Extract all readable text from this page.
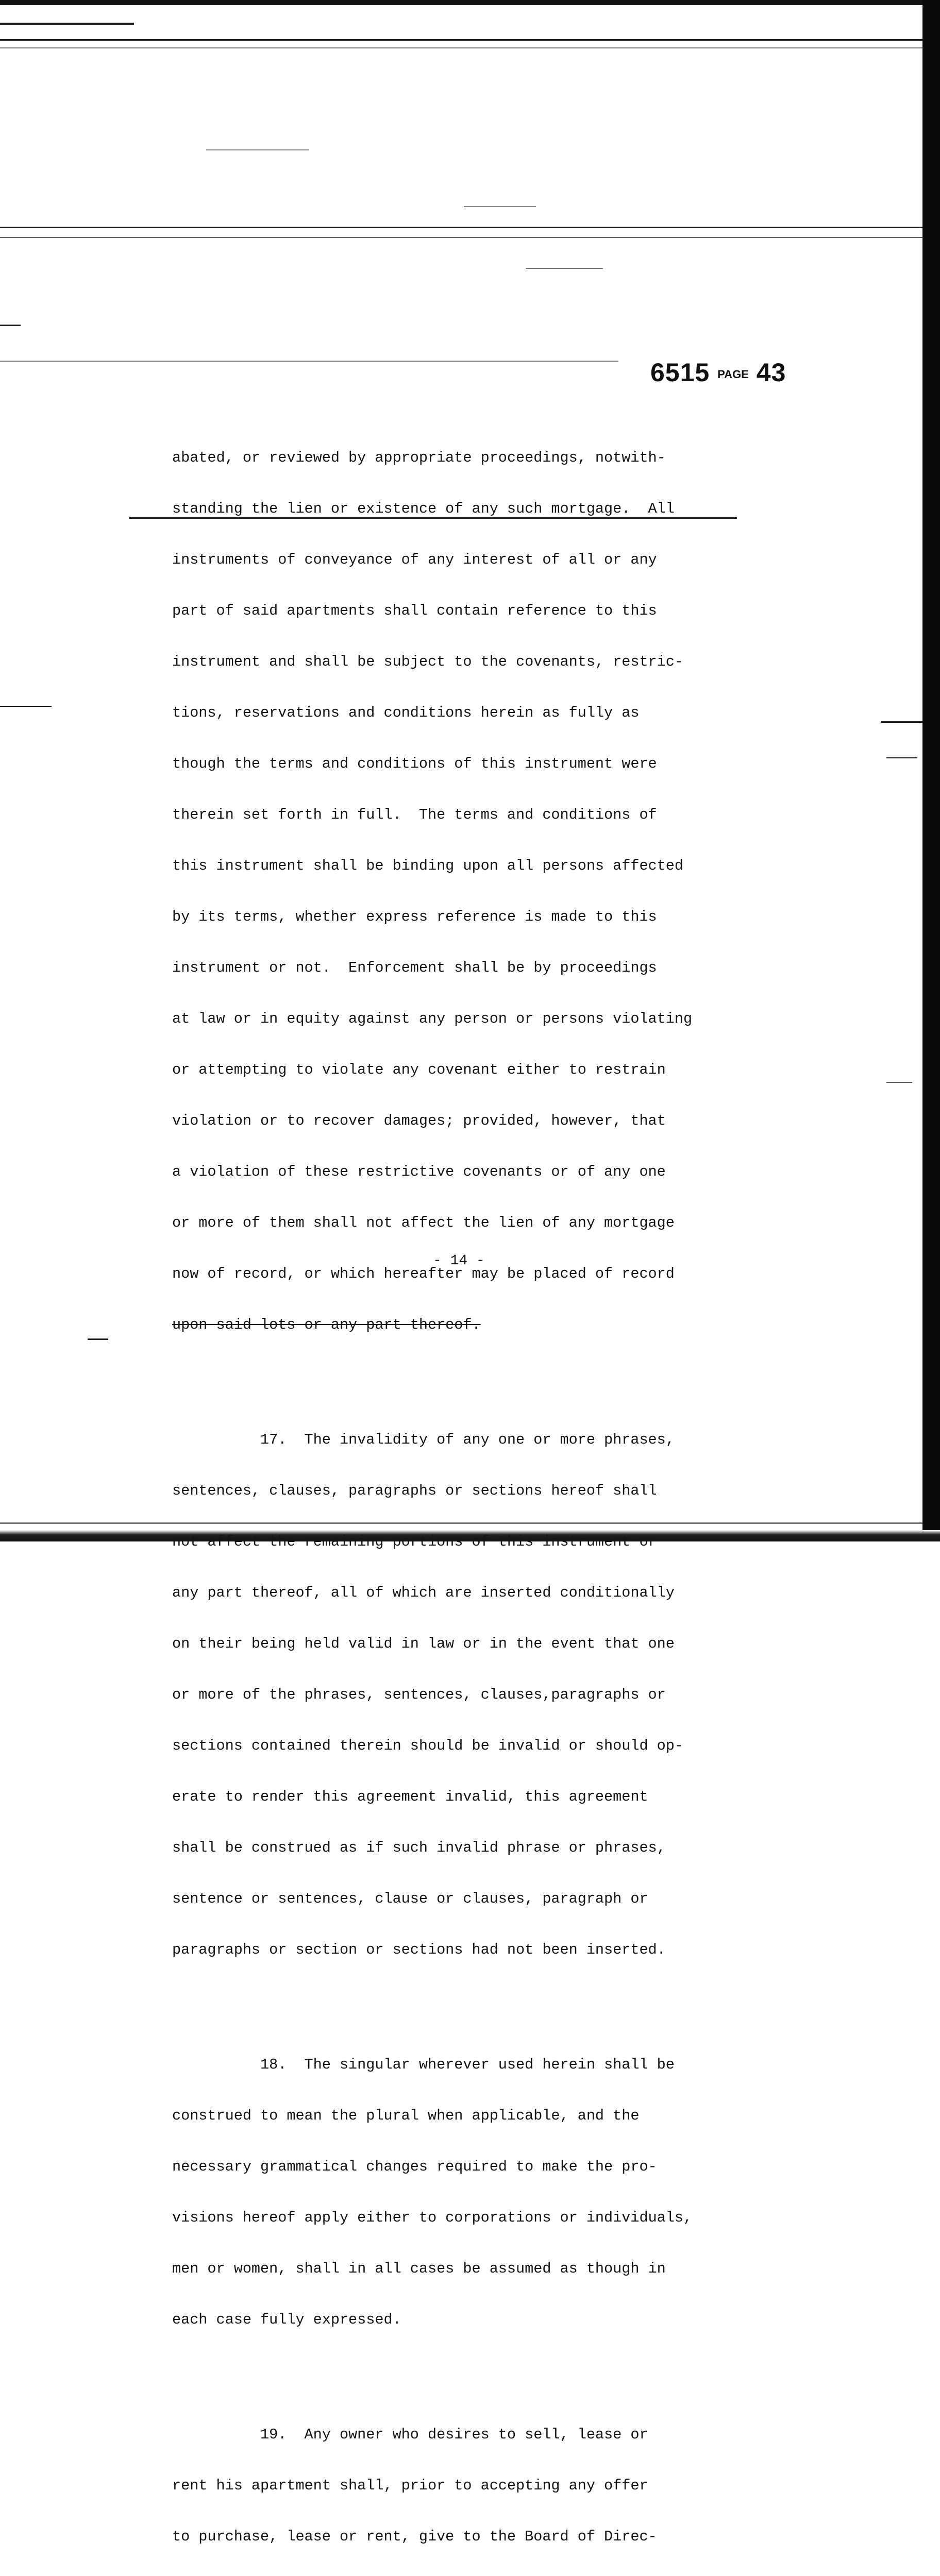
6515 PAGE 43

abated, or reviewed by appropriate proceedings, notwith-

standing the lien or existence of any such mortgage.  All

instruments of conveyance of any interest of all or any

part of said apartments shall contain reference to this

instrument and shall be subject to the covenants, restric-

tions, reservations and conditions herein as fully as

though the terms and conditions of this instrument were

therein set forth in full.  The terms and conditions of

this instrument shall be binding upon all persons affected

by its terms, whether express reference is made to this

instrument or not.  Enforcement shall be by proceedings

at law or in equity against any person or persons violating

or attempting to violate any covenant either to restrain

violation or to recover damages; provided, however, that

a violation of these restrictive covenants or of any one

or more of them shall not affect the lien of any mortgage

now of record, or which hereafter may be placed of record

upon said lots or any part thereof.

17.  The invalidity of any one or more phrases,

sentences, clauses, paragraphs or sections hereof shall

not affect the remaining portions of this instrument or

any part thereof, all of which are inserted conditionally

on their being held valid in law or in the event that one

or more of the phrases, sentences, clauses,paragraphs or

sections contained therein should be invalid or should op-

erate to render this agreement invalid, this agreement

shall be construed as if such invalid phrase or phrases,

sentence or sentences, clause or clauses, paragraph or

paragraphs or section or sections had not been inserted.

18.  The singular wherever used herein shall be

construed to mean the plural when applicable, and the

necessary grammatical changes required to make the pro-

visions hereof apply either to corporations or individuals,

men or women, shall in all cases be assumed as though in

each case fully expressed.

19.  Any owner who desires to sell, lease or

rent his apartment shall, prior to accepting any offer

to purchase, lease or rent, give to the Board of Direc-

- 14 -
